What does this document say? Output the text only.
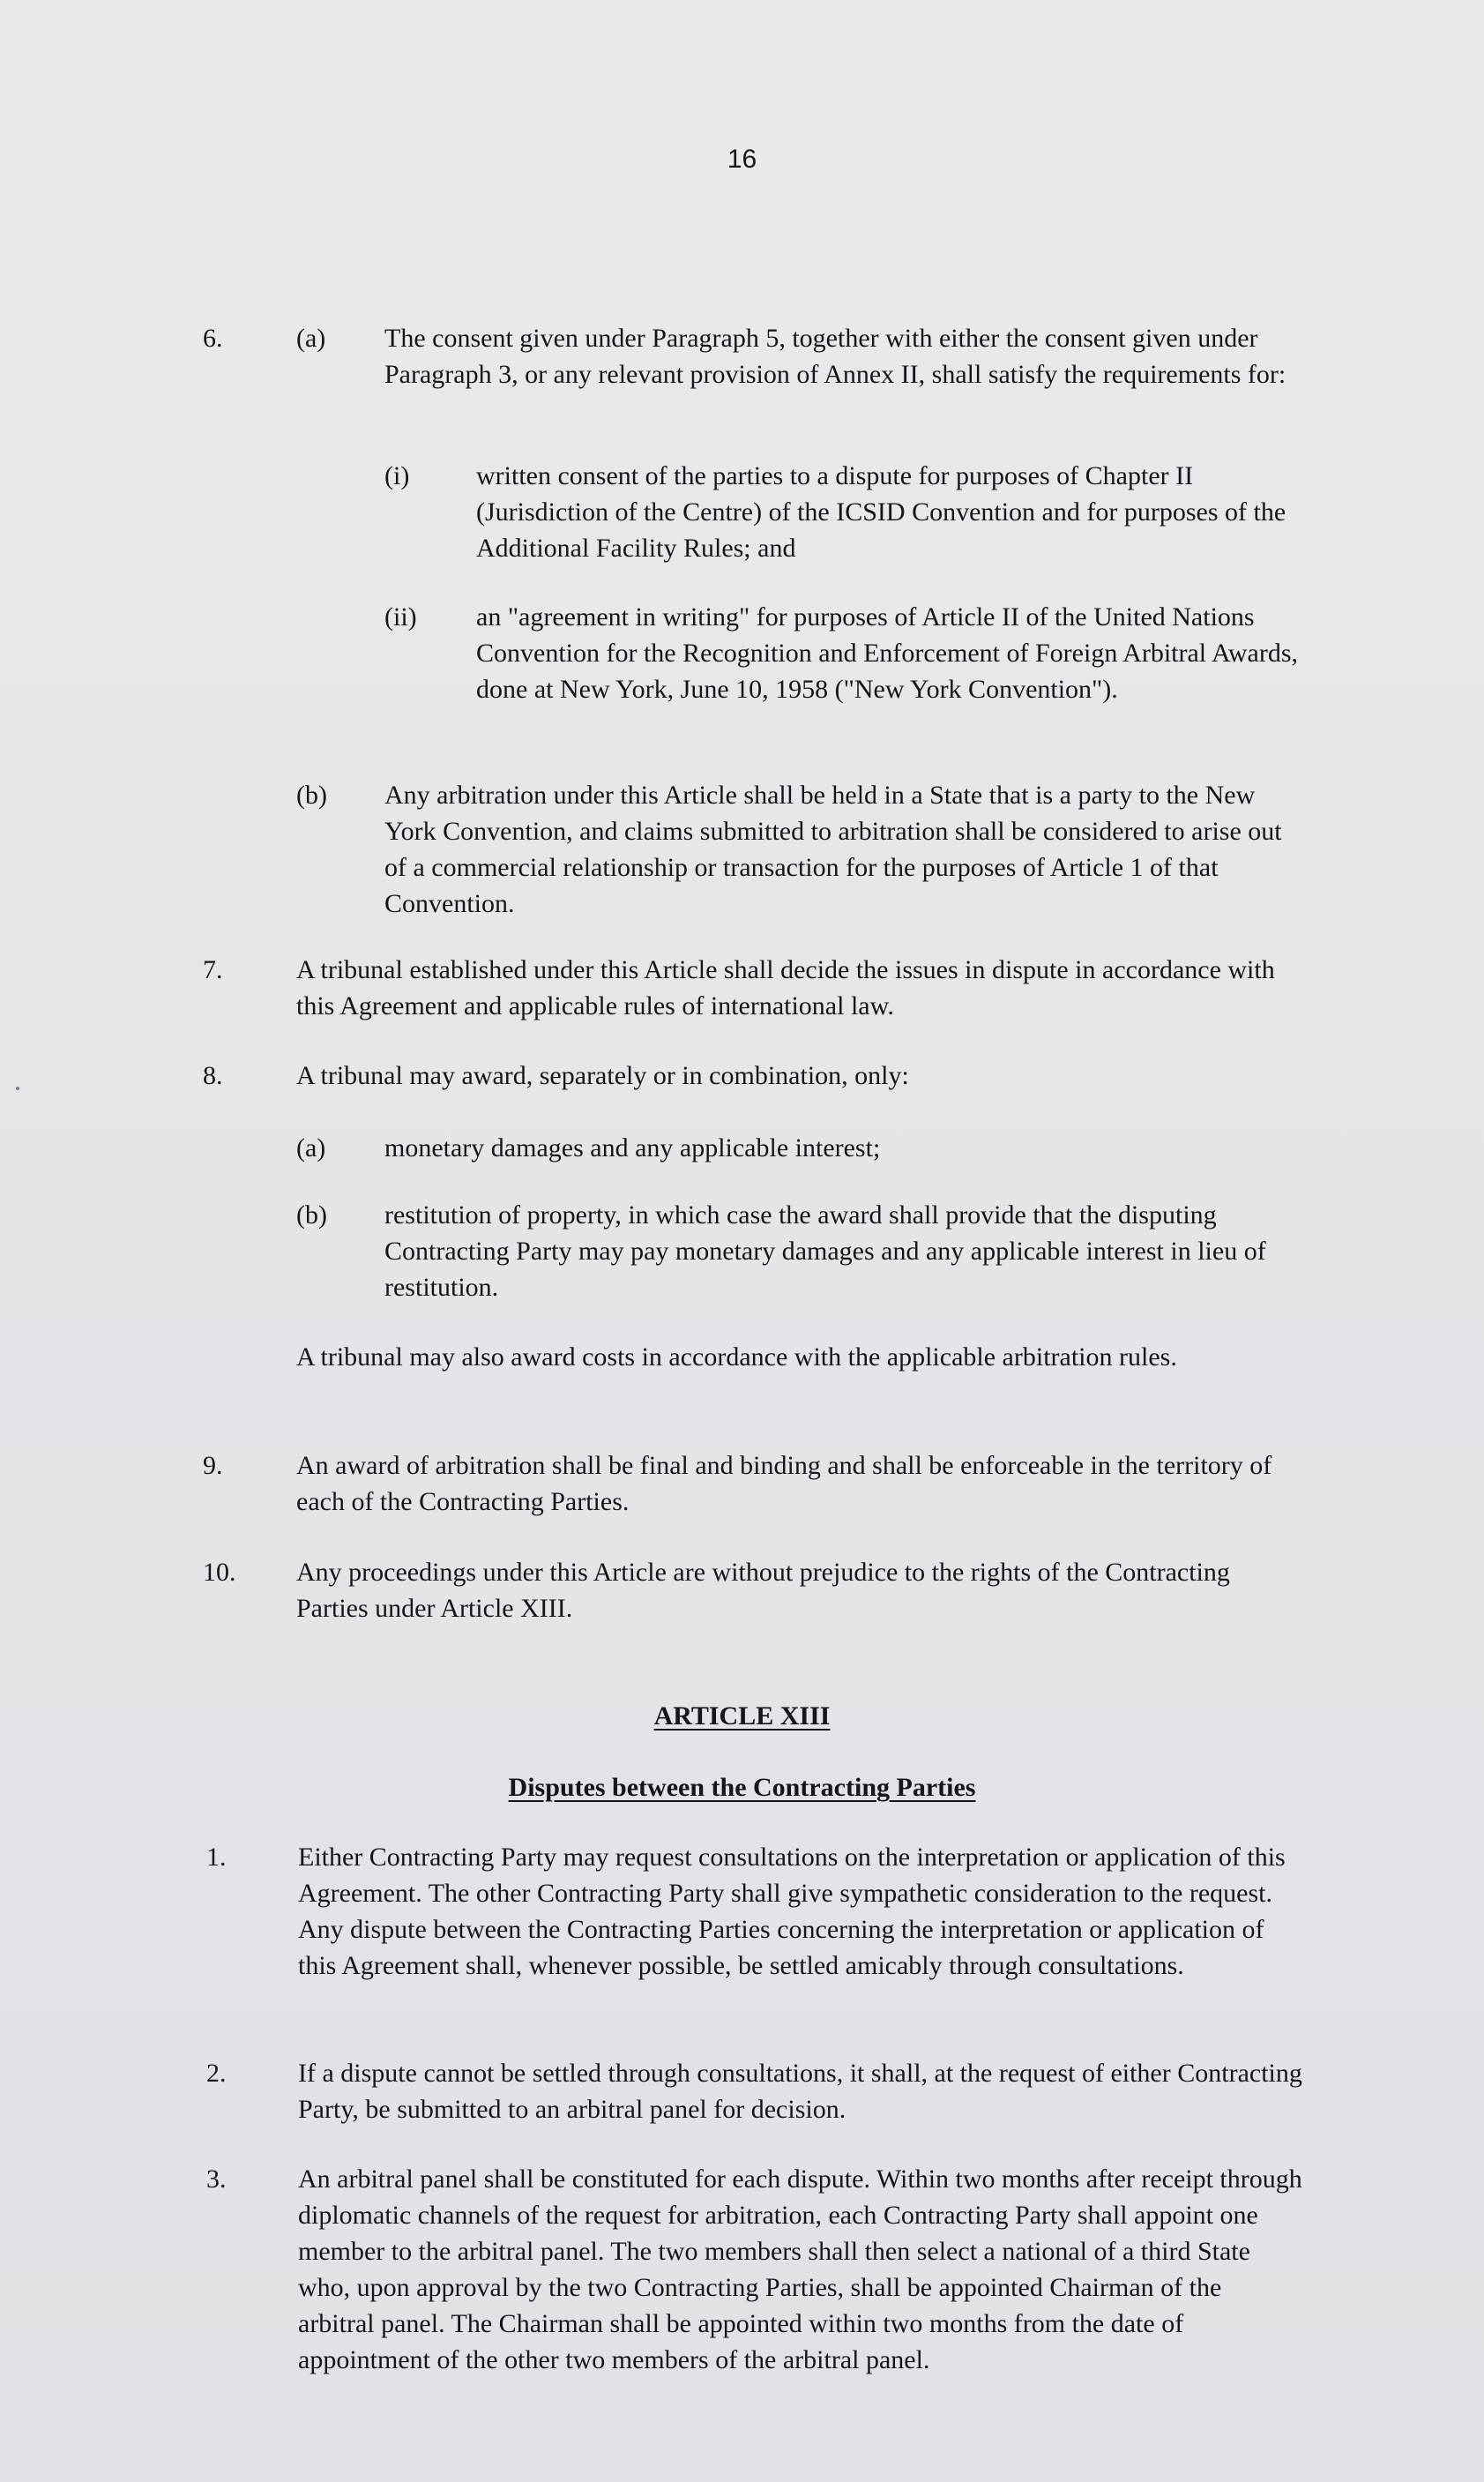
16

6.	(a) The consent given under Paragraph 5, together with either the consent given under Paragraph 3, or any relevant provision of Annex II, shall satisfy the requirements for:

(i)	written consent of the parties to a dispute for purposes of Chapter II (Jurisdiction of the Centre) of the ICSID Convention and for purposes of the Additional Facility Rules; and

(ii) an "agreement in writing" for purposes of Article II of the United Nations Convention for the Recognition and Enforcement of Foreign Arbitral Awards, done at New York, June 10, 1958 ("New York Convention").

(b) Any arbitration under this Article shall be held in a State that is a party to the New York Convention, and claims submitted to arbitration shall be considered to arise out of a commercial relationship or transaction for the purposes of Article 1 of that Convention.

7.	A tribunal established under this Article shall decide the issues in dispute in accordance with this Agreement and applicable rules of international law.

8.	A tribunal may award, separately or in combination, only:

(a) monetary damages and any applicable interest;

(b) restitution of property, in which case the award shall provide that the disputing Contracting Party may pay monetary damages and any applicable interest in lieu of restitution.

A tribunal may also award costs in accordance with the applicable arbitration rules.

9.	An award of arbitration shall be final and binding and shall be enforceable in the territory of each of the Contracting Parties.

10. Any proceedings under this Article are without prejudice to the rights of the Contracting Parties under Article XIII.

ARTICLE XIII

Disputes between the Contracting Parties

1.	Either Contracting Party may request consultations on the interpretation or application of this Agreement. The other Contracting Party shall give sympathetic consideration to the request. Any dispute between the Contracting Parties concerning the interpretation or application of this Agreement shall, whenever possible, be settled amicably through consultations.

2.	If a dispute cannot be settled through consultations, it shall, at the request of either Contracting Party, be submitted to an arbitral panel for decision.

3.	An arbitral panel shall be constituted for each dispute. Within two months after receipt through diplomatic channels of the request for arbitration, each Contracting Party shall appoint one member to the arbitral panel. The two members shall then select a national of a third State who, upon approval by the two Contracting Parties, shall be appointed Chairman of the arbitral panel. The Chairman shall be appointed within two months from the date of appointment of the other two members of the arbitral panel.
